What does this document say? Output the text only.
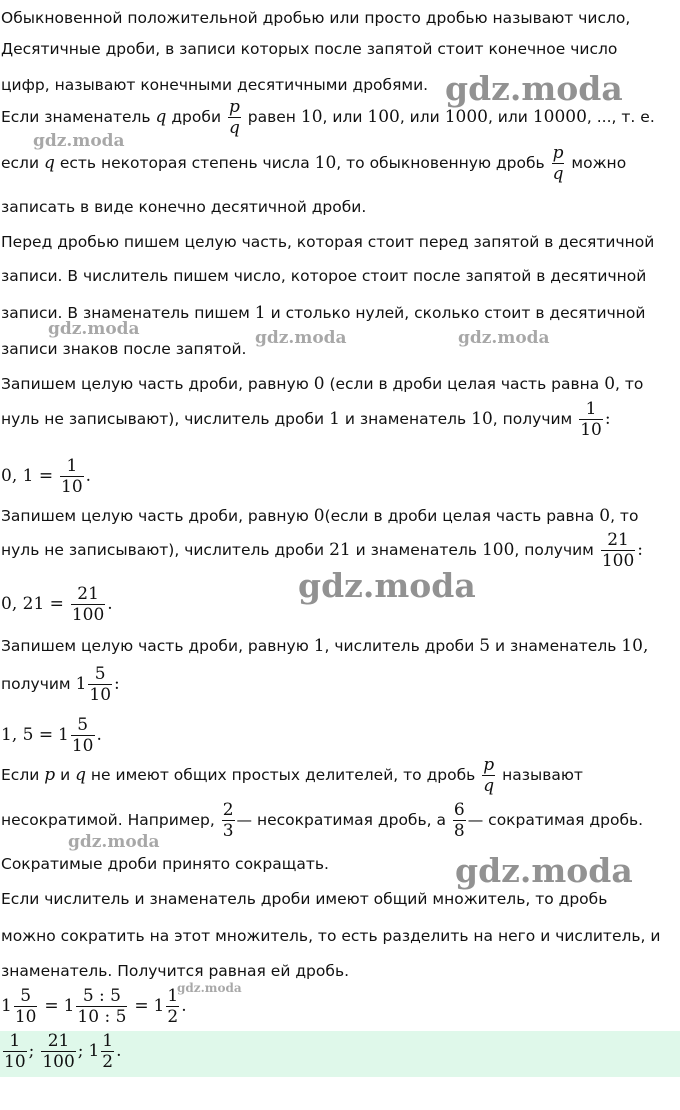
Обыкновенной положительной дробью или просто дробью называют число,
Десятичные дроби, в записи которых после запятой стоит конечное число
цифр, называют конечными десятичными дробями.
Если знаменатель q дроби $\frac{p}{q}$ равен 10, или 100, или 1000, или 10000, ..., т. е.
если q есть некоторая степень числа 10, то обыкновенную дробь $\frac{p}{q}$ можно
записать в виде конечно десятичной дроби.
Перед дробью пишем целую часть, которая стоит перед запятой в десятичной
записи. В числитель пишем число, которое стоит после запятой в десятичной
записи. В знаменатель пишем 1 и столько нулей, сколько стоит в десятичной
записи знаков после запятой.
Запишем целую часть дроби, равную 0 (если в дроби целая часть равна 0, то
нуль не записывают), числитель дроби 1 и знаменатель 10, получим $\frac{1}{10}$ :
0, $1 = \frac{1}{10}$ .
Запишем целую часть дроби, равную 0(если в дроби целая часть равна 0, то
нуль не записывают), числитель дроби 21 и знаменатель 100, получим $\frac{21}{100}$ :
0, $21 = \frac{21}{100}$ .
Запишем целую часть дроби, равную 1, числитель дроби 5 и знаменатель 10,
получим $1 \frac{5}{10}$ :
1, $5 = 1 \frac{5}{10}$ .
Если p и q не имеют общих простых делителей, то дробь $\frac{p}{q}$ называют
несократимой. Например, $\frac{2}{3}$ — несократимая дробь, а $\frac{6}{8}$ — сократимая дробь.
Сократимые дроби принято сокращать.
Если числитель и знаменатель дроби имеют общий множитель, то дробь
можно сократить на этот множитель, то есть разделить на него и числитель, и
знаменатель. Получится равная ей дробь.
$1 \frac{5}{10} = 1 \frac{5 : 5}{10 : 5} = 1 \frac{1}{2}$ .
$\frac{1}{10}$ ; $\frac{21}{100}$ ; $1 \frac{1}{2}$ .
gdz.moda
gdz.moda
gdz.moda	gdz.moda	gdz.moda
gdz.moda
gdz.moda
gdz.moda
gdz.moda
